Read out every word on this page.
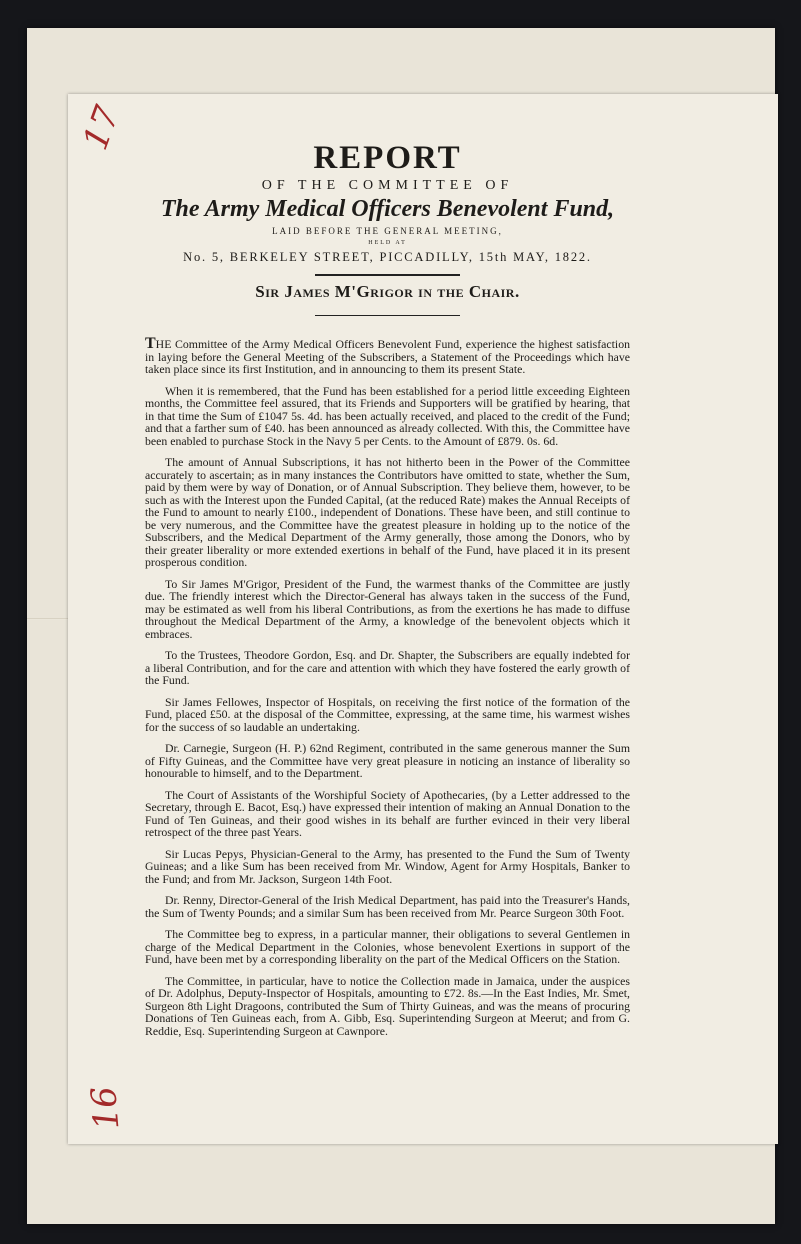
17
16
REPORT
OF THE COMMITTEE OF
The Army Medical Officers Benevolent Fund,
LAID BEFORE THE GENERAL MEETING,
HELD AT
No. 5, BERKELEY STREET, PICCADILLY, 15th MAY, 1822.
Sir James M'Grigor in the Chair.

THE Committee of the Army Medical Officers Benevolent Fund, experience the highest satisfaction in laying before the General Meeting of the Subscribers, a Statement of the Proceedings which have taken place since its first Institution, and in announcing to them its present State.

When it is remembered, that the Fund has been established for a period little exceeding Eighteen months, the Committee feel assured, that its Friends and Supporters will be gratified by hearing, that in that time the Sum of £1047 5s. 4d. has been actually received, and placed to the credit of the Fund; and that a farther sum of £40. has been announced as already collected. With this, the Committee have been enabled to purchase Stock in the Navy 5 per Cents. to the Amount of £879. 0s. 6d.

The amount of Annual Subscriptions, it has not hitherto been in the Power of the Committee accurately to ascertain; as in many instances the Contributors have omitted to state, whether the Sum, paid by them were by way of Donation, or of Annual Subscription. They believe them, however, to be such as with the Interest upon the Funded Capital, (at the reduced Rate) makes the Annual Receipts of the Fund to amount to nearly £100., independent of Donations. These have been, and still continue to be very numerous, and the Committee have the greatest pleasure in holding up to the notice of the Subscribers, and the Medical Department of the Army generally, those among the Donors, who by their greater liberality or more extended exertions in behalf of the Fund, have placed it in its present prosperous condition.

To Sir James M'Grigor, President of the Fund, the warmest thanks of the Committee are justly due. The friendly interest which the Director-General has always taken in the success of the Fund, may be estimated as well from his liberal Contributions, as from the exertions he has made to diffuse throughout the Medical Department of the Army, a knowledge of the benevolent objects which it embraces.

To the Trustees, Theodore Gordon, Esq. and Dr. Shapter, the Subscribers are equally indebted for a liberal Contribution, and for the care and attention with which they have fostered the early growth of the Fund.

Sir James Fellowes, Inspector of Hospitals, on receiving the first notice of the formation of the Fund, placed £50. at the disposal of the Committee, expressing, at the same time, his warmest wishes for the success of so laudable an undertaking.

Dr. Carnegie, Surgeon (H. P.) 62nd Regiment, contributed in the same generous manner the Sum of Fifty Guineas, and the Committee have very great pleasure in noticing an instance of liberality so honourable to himself, and to the Department.

The Court of Assistants of the Worshipful Society of Apothecaries, (by a Letter addressed to the Secretary, through E. Bacot, Esq.) have expressed their intention of making an Annual Donation to the Fund of Ten Guineas, and their good wishes in its behalf are further evinced in their very liberal retrospect of the three past Years.

Sir Lucas Pepys, Physician-General to the Army, has presented to the Fund the Sum of Twenty Guineas; and a like Sum has been received from Mr. Window, Agent for Army Hospitals, Banker to the Fund; and from Mr. Jackson, Surgeon 14th Foot.

Dr. Renny, Director-General of the Irish Medical Department, has paid into the Treasurer's Hands, the Sum of Twenty Pounds; and a similar Sum has been received from Mr. Pearce Surgeon 30th Foot.

The Committee beg to express, in a particular manner, their obligations to several Gentlemen in charge of the Medical Department in the Colonies, whose benevolent Exertions in support of the Fund, have been met by a corresponding liberality on the part of the Medical Officers on the Station.

The Committee, in particular, have to notice the Collection made in Jamaica, under the auspices of Dr. Adolphus, Deputy-Inspector of Hospitals, amounting to £72. 8s.—In the East Indies, Mr. Smet, Surgeon 8th Light Dragoons, contributed the Sum of Thirty Guineas, and was the means of procuring Donations of Ten Guineas each, from A. Gibb, Esq. Superintending Surgeon at Meerut; and from G. Reddie, Esq. Superintending Surgeon at Cawnpore.
